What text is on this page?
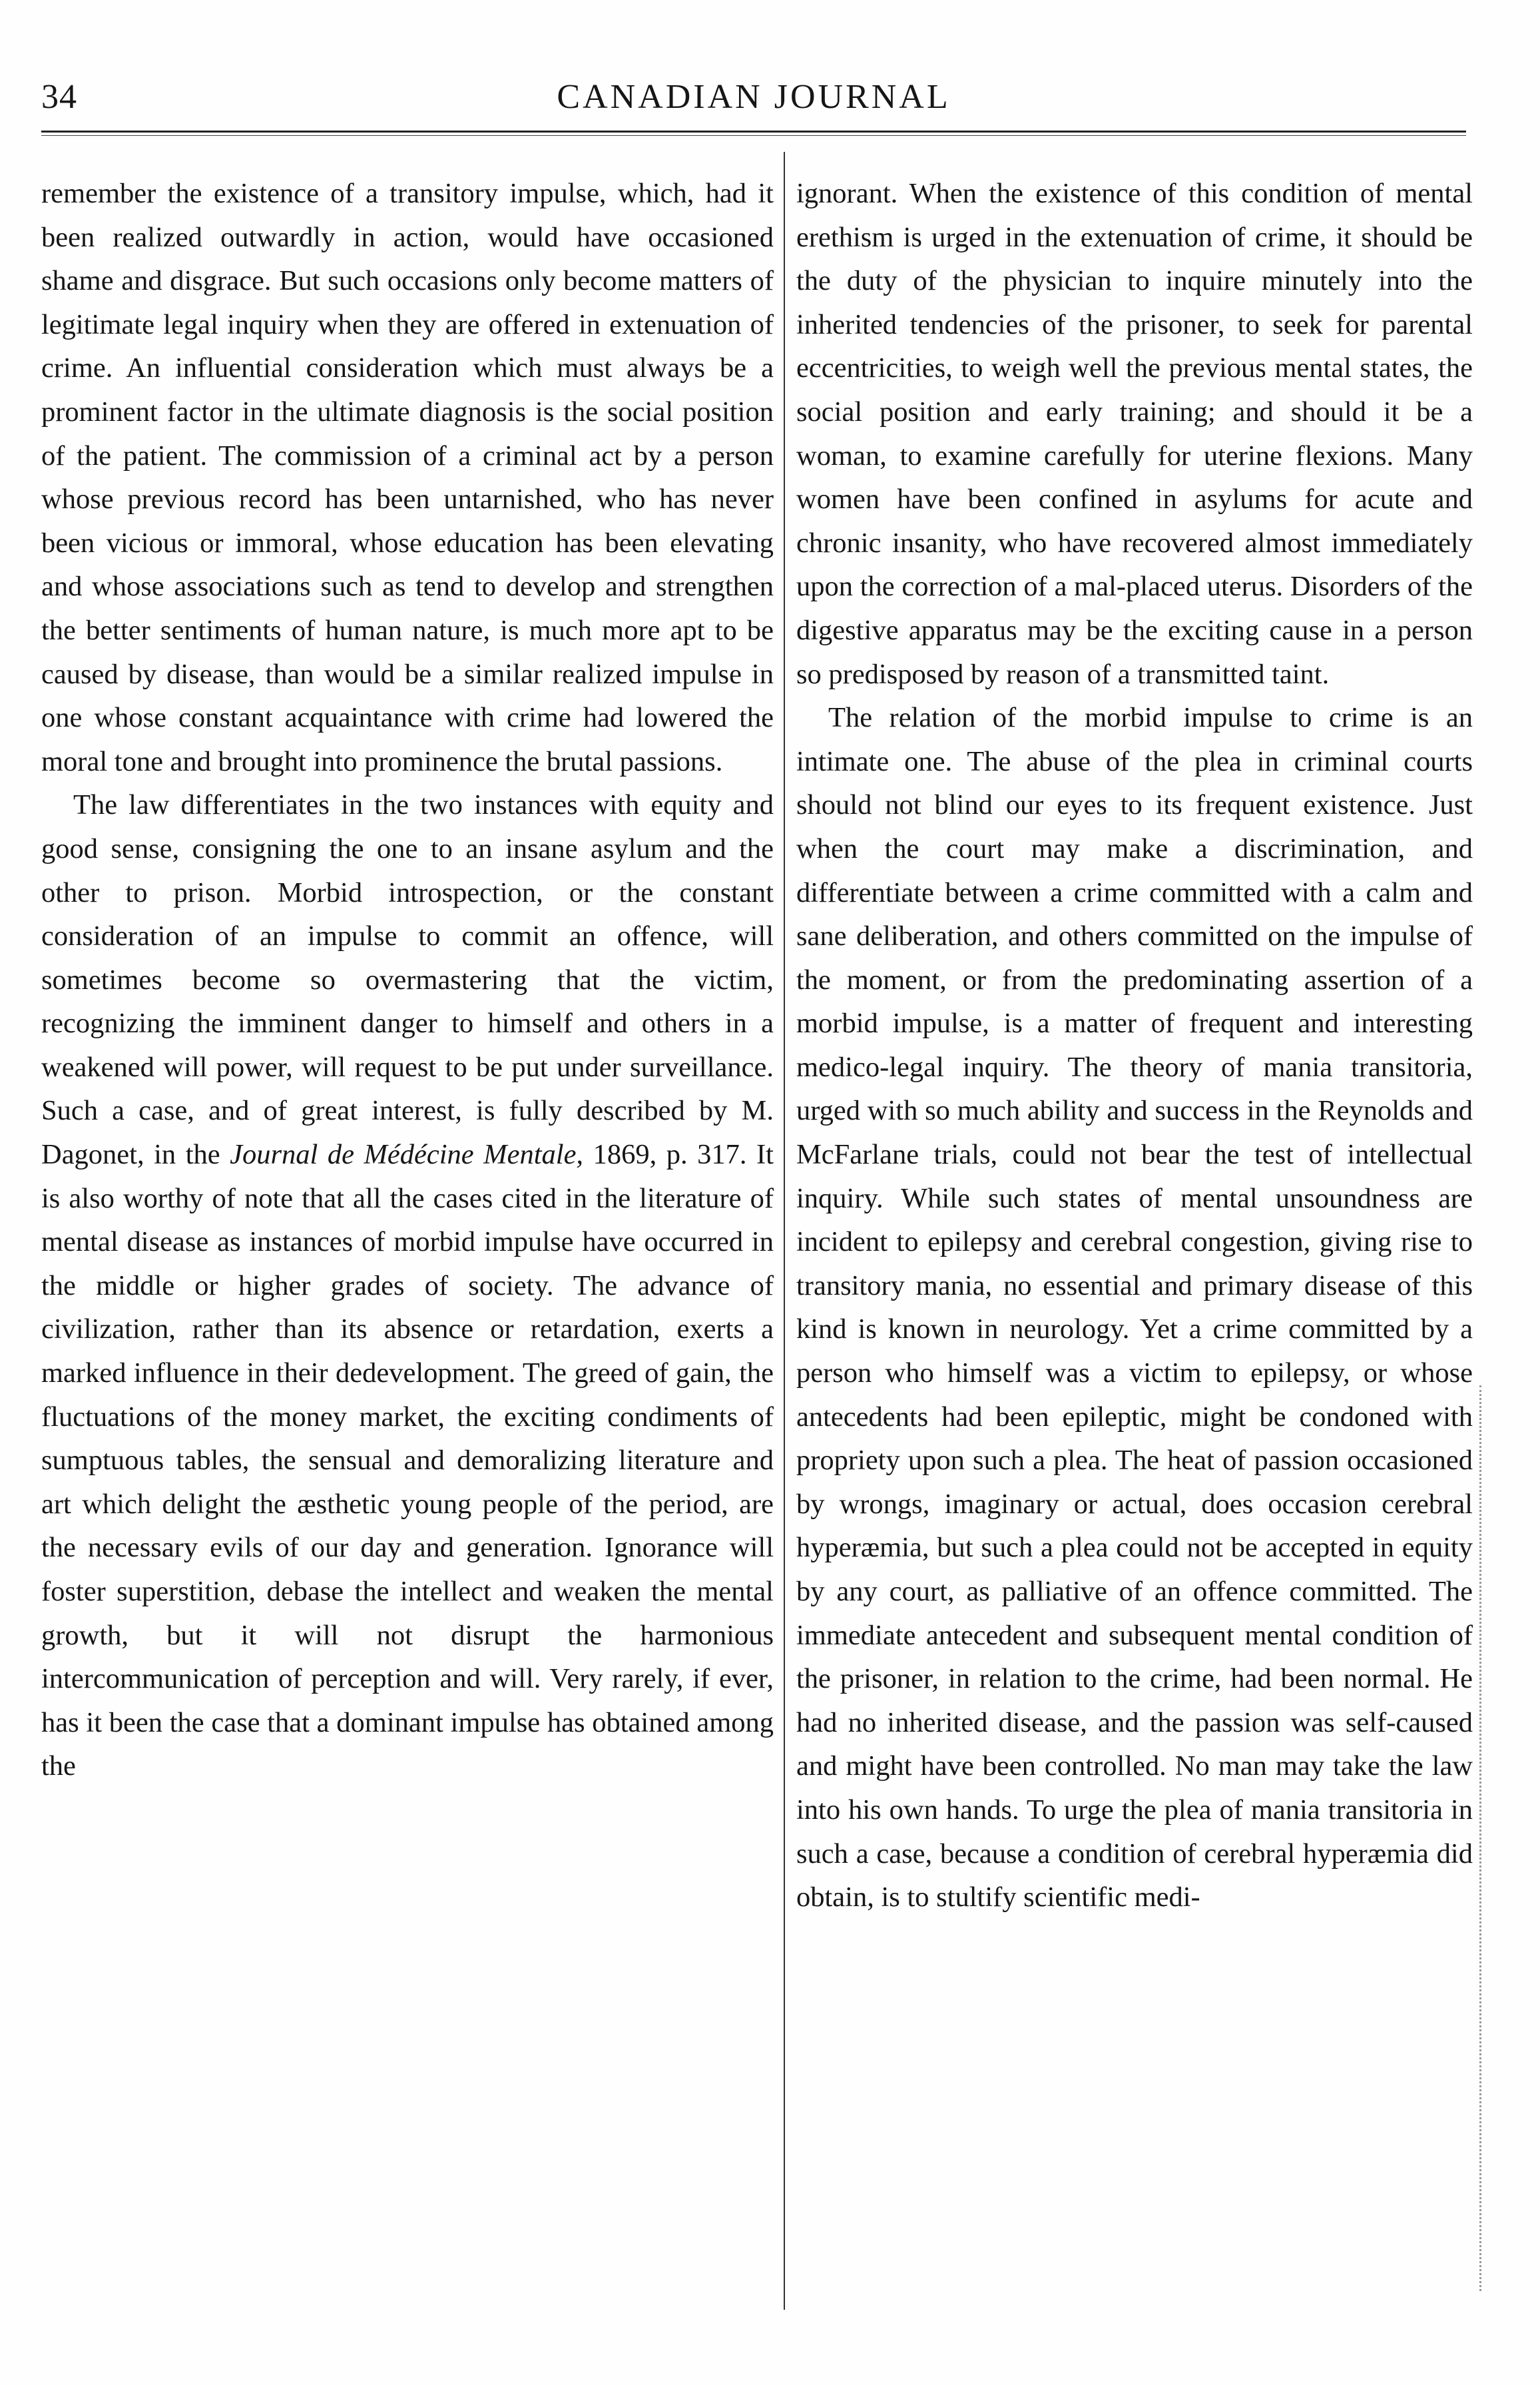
34	CANADIAN JOURNAL

remember the existence of a transitory impulse, which, had it been realized outwardly in action, would have occasioned shame and disgrace. But such occasions only become matters of legitimate legal inquiry when they are offered in extenuation of crime. An influential consideration which must always be a prominent factor in the ultimate diagnosis is the social position of the patient. The commission of a criminal act by a person whose previous record has been untarnished, who has never been vicious or immoral, whose education has been elevating and whose associations such as tend to develop and strengthen the better sentiments of human nature, is much more apt to be caused by disease, than would be a similar realized impulse in one whose constant acquaintance with crime had lowered the moral tone and brought into prominence the brutal passions.

The law differentiates in the two instances with equity and good sense, consigning the one to an insane asylum and the other to prison. Morbid introspection, or the constant consideration of an impulse to commit an offence, will sometimes become so overmastering that the victim, recognizing the imminent danger to himself and others in a weakened will power, will request to be put under surveillance. Such a case, and of great interest, is fully described by M. Dagonet, in the Journal de Médécine Mentale, 1869, p. 317. It is also worthy of note that all the cases cited in the literature of mental disease as instances of morbid impulse have occurred in the middle or higher grades of society. The advance of civilization, rather than its absence or retardation, exerts a marked influence in their dedevelopment. The greed of gain, the fluctuations of the money market, the exciting condiments of sumptuous tables, the sensual and demoralizing literature and art which delight the æsthetic young people of the period, are the necessary evils of our day and generation. Ignorance will foster superstition, debase the intellect and weaken the mental growth, but it will not disrupt the harmonious intercommunication of perception and will. Very rarely, if ever, has it been the case that a dominant impulse has obtained among the

ignorant. When the existence of this condition of mental erethism is urged in the extenuation of crime, it should be the duty of the physician to inquire minutely into the inherited tendencies of the prisoner, to seek for parental eccentricities, to weigh well the previous mental states, the social position and early training; and should it be a woman, to examine carefully for uterine flexions. Many women have been confined in asylums for acute and chronic insanity, who have recovered almost immediately upon the correction of a mal-placed uterus. Disorders of the digestive apparatus may be the exciting cause in a person so predisposed by reason of a transmitted taint.

The relation of the morbid impulse to crime is an intimate one. The abuse of the plea in criminal courts should not blind our eyes to its frequent existence. Just when the court may make a discrimination, and differentiate between a crime committed with a calm and sane deliberation, and others committed on the impulse of the moment, or from the predominating assertion of a morbid impulse, is a matter of frequent and interesting medico-legal inquiry. The theory of mania transitoria, urged with so much ability and success in the Reynolds and McFarlane trials, could not bear the test of intellectual inquiry. While such states of mental unsoundness are incident to epilepsy and cerebral congestion, giving rise to transitory mania, no essential and primary disease of this kind is known in neurology. Yet a crime committed by a person who himself was a victim to epilepsy, or whose antecedents had been epileptic, might be condoned with propriety upon such a plea. The heat of passion occasioned by wrongs, imaginary or actual, does occasion cerebral hyperæmia, but such a plea could not be accepted in equity by any court, as palliative of an offence committed. The immediate antecedent and subsequent mental condition of the prisoner, in relation to the crime, had been normal. He had no inherited disease, and the passion was self-caused and might have been controlled. No man may take the law into his own hands. To urge the plea of mania transitoria in such a case, because a condition of cerebral hyperæmia did obtain, is to stultify scientific medi-
